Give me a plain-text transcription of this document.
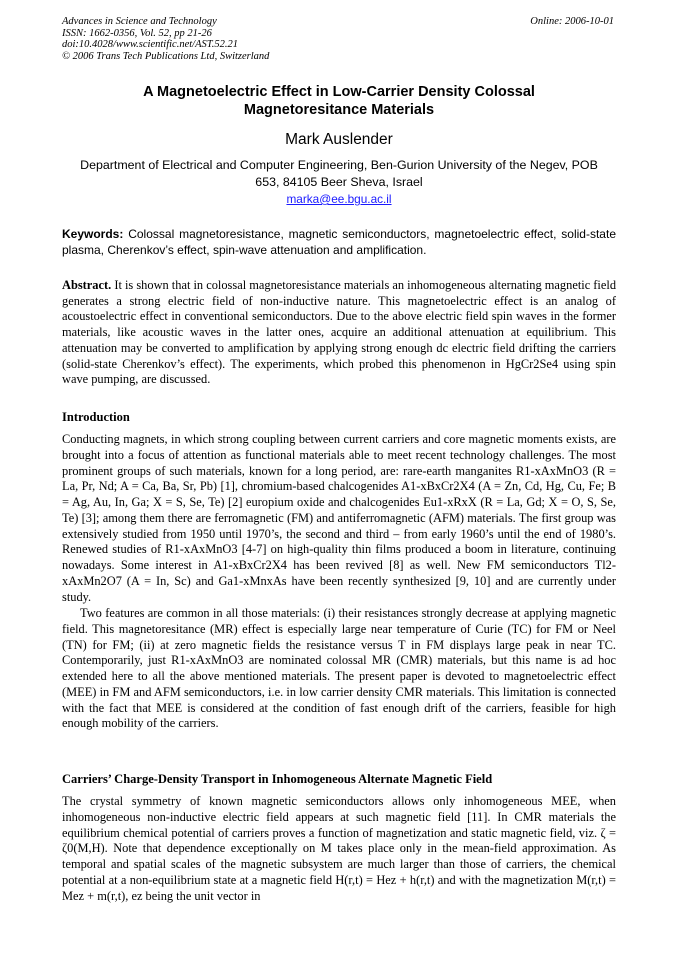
Advances in Science and Technology
ISSN: 1662-0356, Vol. 52, pp 21-26
doi:10.4028/www.scientific.net/AST.52.21
© 2006 Trans Tech Publications Ltd, Switzerland
Online: 2006-10-01
A Magnetoelectric Effect in Low-Carrier Density Colossal
Magnetoresitance Materials
Mark Auslender
Department of Electrical and Computer Engineering, Ben-Gurion University of the Negev, POB
653, 84105 Beer Sheva, Israel
marka@ee.bgu.ac.il
Keywords: Colossal magnetoresistance, magnetic semiconductors, magnetoelectric effect, solid-state plasma, Cherenkov’s effect, spin-wave attenuation and amplification.
Abstract. It is shown that in colossal magnetoresistance materials an inhomogeneous alternating magnetic field generates a strong electric field of non-inductive nature. This magnetoelectric effect is an analog of acoustoelectric effect in conventional semiconductors. Due to the above electric field spin waves in the former materials, like acoustic waves in the latter ones, acquire an additional attenuation at equilibrium. This attenuation may be converted to amplification by applying strong enough dc electric field drifting the carriers (solid-state Cherenkov’s effect). The experiments, which probed this phenomenon in HgCr2Se4 using spin wave pumping, are discussed.
Introduction
Conducting magnets, in which strong coupling between current carriers and core magnetic moments exists, are brought into a focus of attention as functional materials able to meet recent technology challenges. The most prominent groups of such materials, known for a long period, are: rare-earth manganites R1-xAxMnO3 (R = La, Pr, Nd; A = Ca, Ba, Sr, Pb) [1], chromium-based chalcogenides A1-xBxCr2X4 (A = Zn, Cd, Hg, Cu, Fe; B = Ag, Au, In, Ga; X = S, Se, Te) [2] europium oxide and chalcogenides Eu1-xRxX (R = La, Gd; X = O, S, Se, Te) [3]; among them there are ferromagnetic (FM) and antiferromagnetic (AFM) materials. The first group was extensively studied from 1950 until 1970’s, the second and third – from early 1960’s until the end of 1980’s. Renewed studies of R1-xAxMnO3 [4-7] on high-quality thin films produced a boom in literature, continuing nowadays. Some interest in A1-xBxCr2X4 has been revived [8] as well. New FM semiconductors Tl2-xAxMn2O7 (A = In, Sc) and Ga1-xMnxAs have been recently synthesized [9, 10] and are currently under study.
Two features are common in all those materials: (i) their resistances strongly decrease at applying magnetic field. This magnetoresitance (MR) effect is especially large near temperature of Curie (TC) for FM or Neel (TN) for FM; (ii) at zero magnetic fields the resistance versus T in FM displays large peak in near TC. Contemporarily, just R1-xAxMnO3 are nominated colossal MR (CMR) materials, but this name is ad hoc extended here to all the above mentioned materials. The present paper is devoted to magnetoelectric effect (MEE) in FM and AFM semiconductors, i.e. in low carrier density CMR materials. This limitation is connected with the fact that MEE is considered at the condition of fast enough drift of the carriers, feasible for high enough mobility of the carriers.
Carriers’ Charge-Density Transport in Inhomogeneous Alternate Magnetic Field
The crystal symmetry of known magnetic semiconductors allows only inhomogeneous MEE, when inhomogeneous non-inductive electric field appears at such magnetic field [11]. In CMR materials the equilibrium chemical potential of carriers proves a function of magnetization and static magnetic field, viz. ζ = ζ0(M,H). Note that dependence exceptionally on M takes place only in the mean-field approximation. As temporal and spatial scales of the magnetic subsystem are much larger than those of carriers, the chemical potential at a non-equilibrium state at a magnetic field H(r,t) = Hez + h(r,t) and with the magnetization M(r,t) = Mez + m(r,t), ez being the unit vector in
